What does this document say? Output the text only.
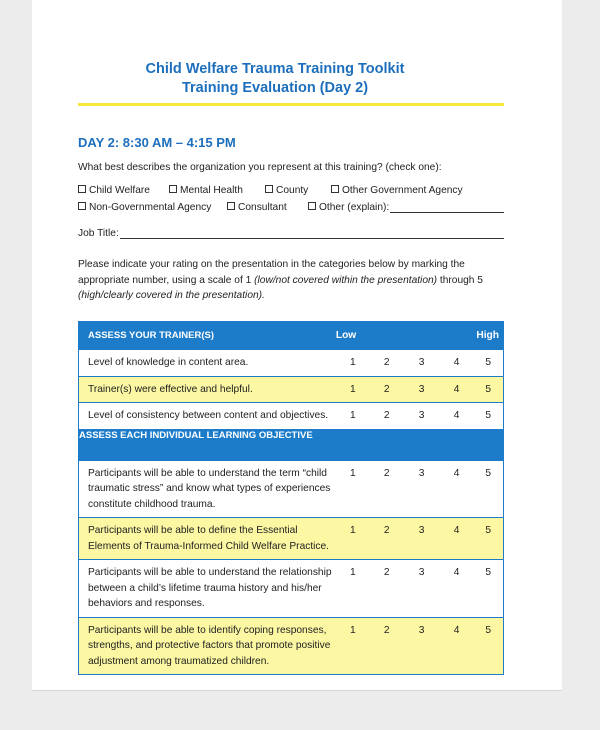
Child Welfare Trauma Training Toolkit
Training Evaluation (Day 2)
DAY 2: 8:30 AM – 4:15 PM
What best describes the organization you represent at this training? (check one):
Child Welfare	Mental Health	County	Other Government Agency
Non-Governmental Agency	Consultant	Other (explain):
Job Title:
Please indicate your rating on the presentation in the categories below by marking the appropriate number, using a scale of 1 (low/not covered within the presentation) through 5 (high/clearly covered in the presentation).
ASSESS YOUR TRAINER(S)	Low				High
Level of knowledge in content area.	1	2	3	4	5
Trainer(s) were effective and helpful.	1	2	3	4	5
Level of consistency between content and objectives.	1	2	3	4	5
ASSESS EACH INDIVIDUAL LEARNING OBJECTIVE					
Participants will be able to understand the term “child traumatic stress” and know what types of experiences constitute childhood trauma.	1	2	3	4	5
Participants will be able to define the Essential Elements of Trauma-Informed Child Welfare Practice.	1	2	3	4	5
Participants will be able to understand the relationship between a child’s lifetime trauma history and his/her behaviors and responses.	1	2	3	4	5
Participants will be able to identify coping responses, strengths, and protective factors that promote positive adjustment among traumatized children.	1	2	3	4	5
